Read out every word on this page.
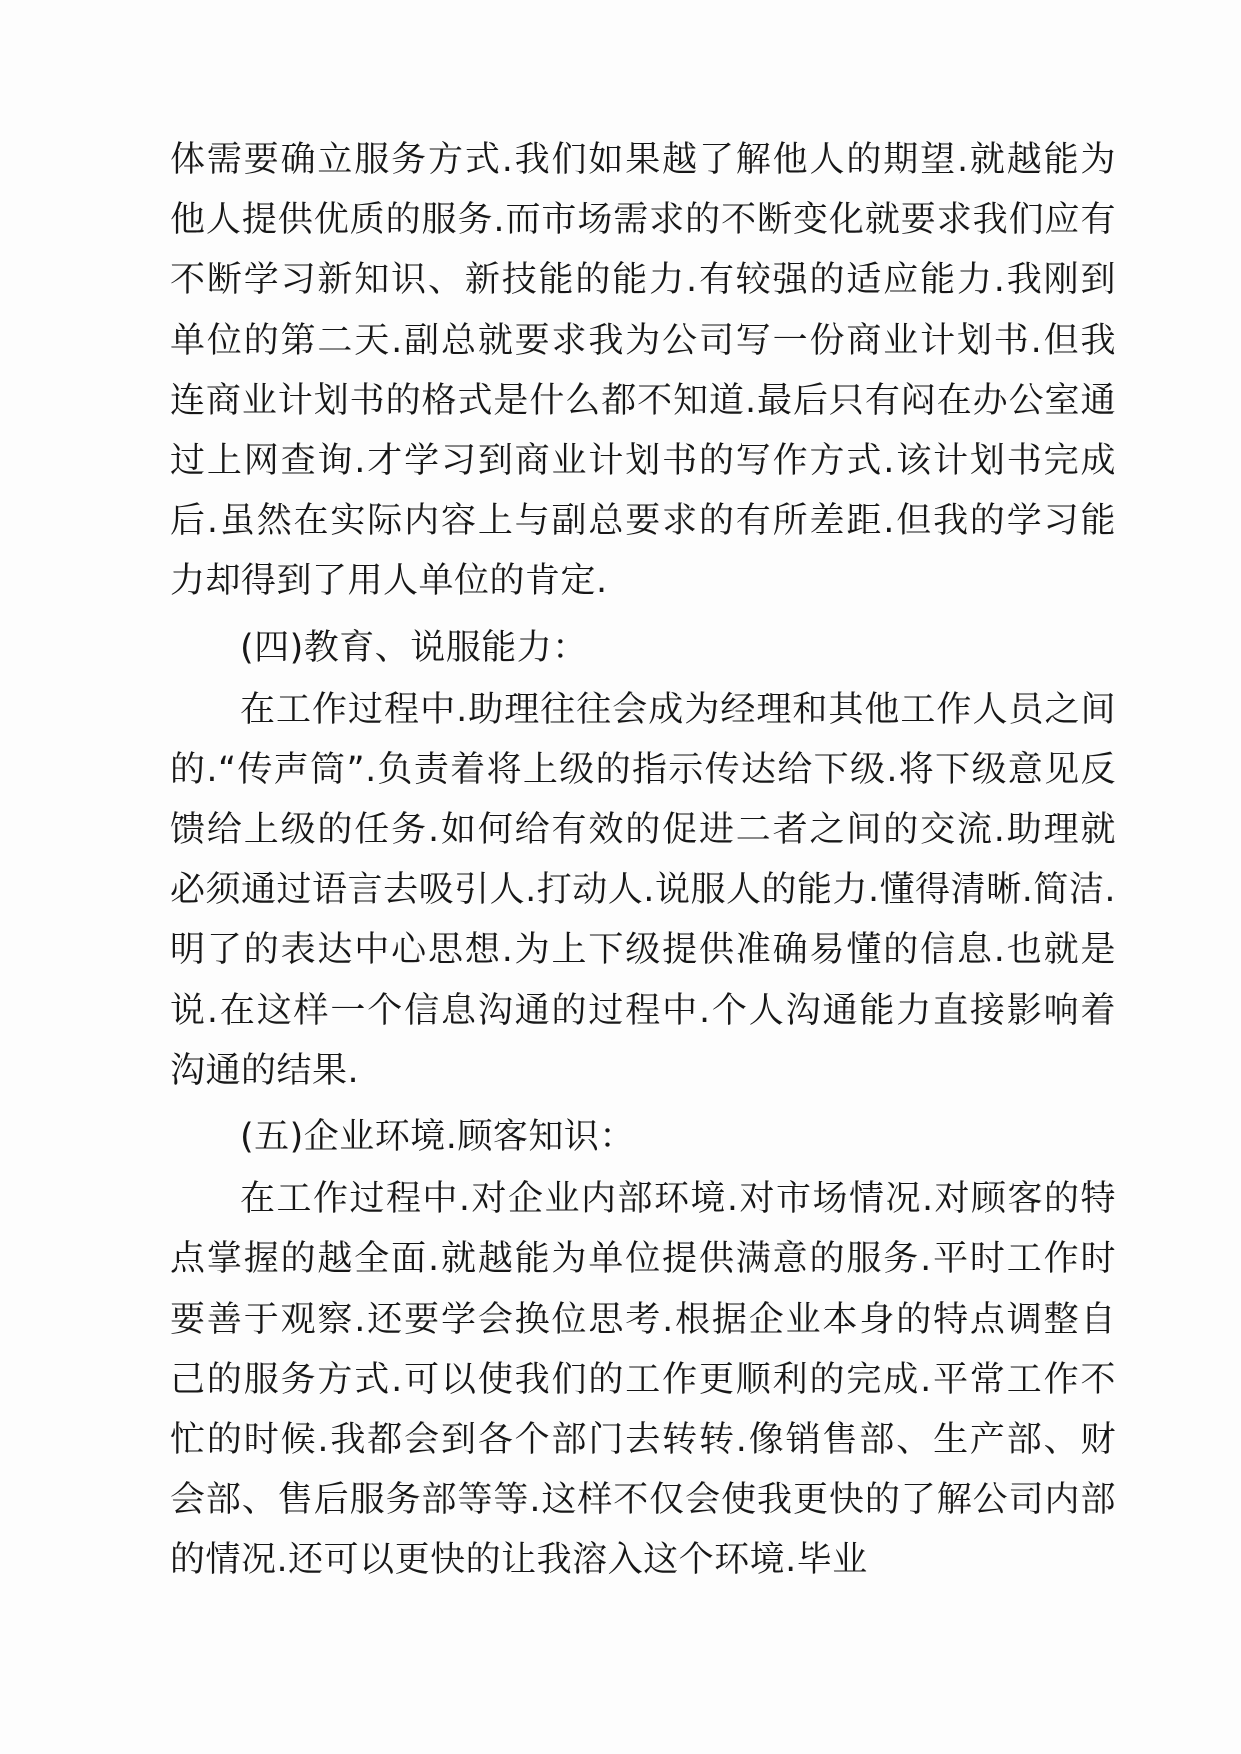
体需要确立服务方式.我们如果越了解他人的期望.就越能为他人提供优质的服务.而市场需求的不断变化就要求我们应有不断学习新知识、新技能的能力.有较强的适应能力.我刚到单位的第二天.副总就要求我为公司写一份商业计划书.但我连商业计划书的格式是什么都不知道.最后只有闷在办公室通过上网查询.才学习到商业计划书的写作方式.该计划书完成后.虽然在实际内容上与副总要求的有所差距.但我的学习能力却得到了用人单位的肯定.

(四)教育、说服能力：

在工作过程中.助理往往会成为经理和其他工作人员之间的.“传声筒”.负责着将上级的指示传达给下级.将下级意见反馈给上级的任务.如何给有效的促进二者之间的交流.助理就必须通过语言去吸引人.打动人.说服人的能力.懂得清晰.简洁.明了的表达中心思想.为上下级提供准确易懂的信息.也就是说.在这样一个信息沟通的过程中.个人沟通能力直接影响着沟通的结果.

(五)企业环境.顾客知识：

在工作过程中.对企业内部环境.对市场情况.对顾客的特点掌握的越全面.就越能为单位提供满意的服务.平时工作时要善于观察.还要学会换位思考.根据企业本身的特点调整自己的服务方式.可以使我们的工作更顺利的完成.平常工作不忙的时候.我都会到各个部门去转转.像销售部、生产部、财会部、售后服务部等等.这样不仅会使我更快的了解公司内部的情况.还可以更快的让我溶入这个环境.毕业
